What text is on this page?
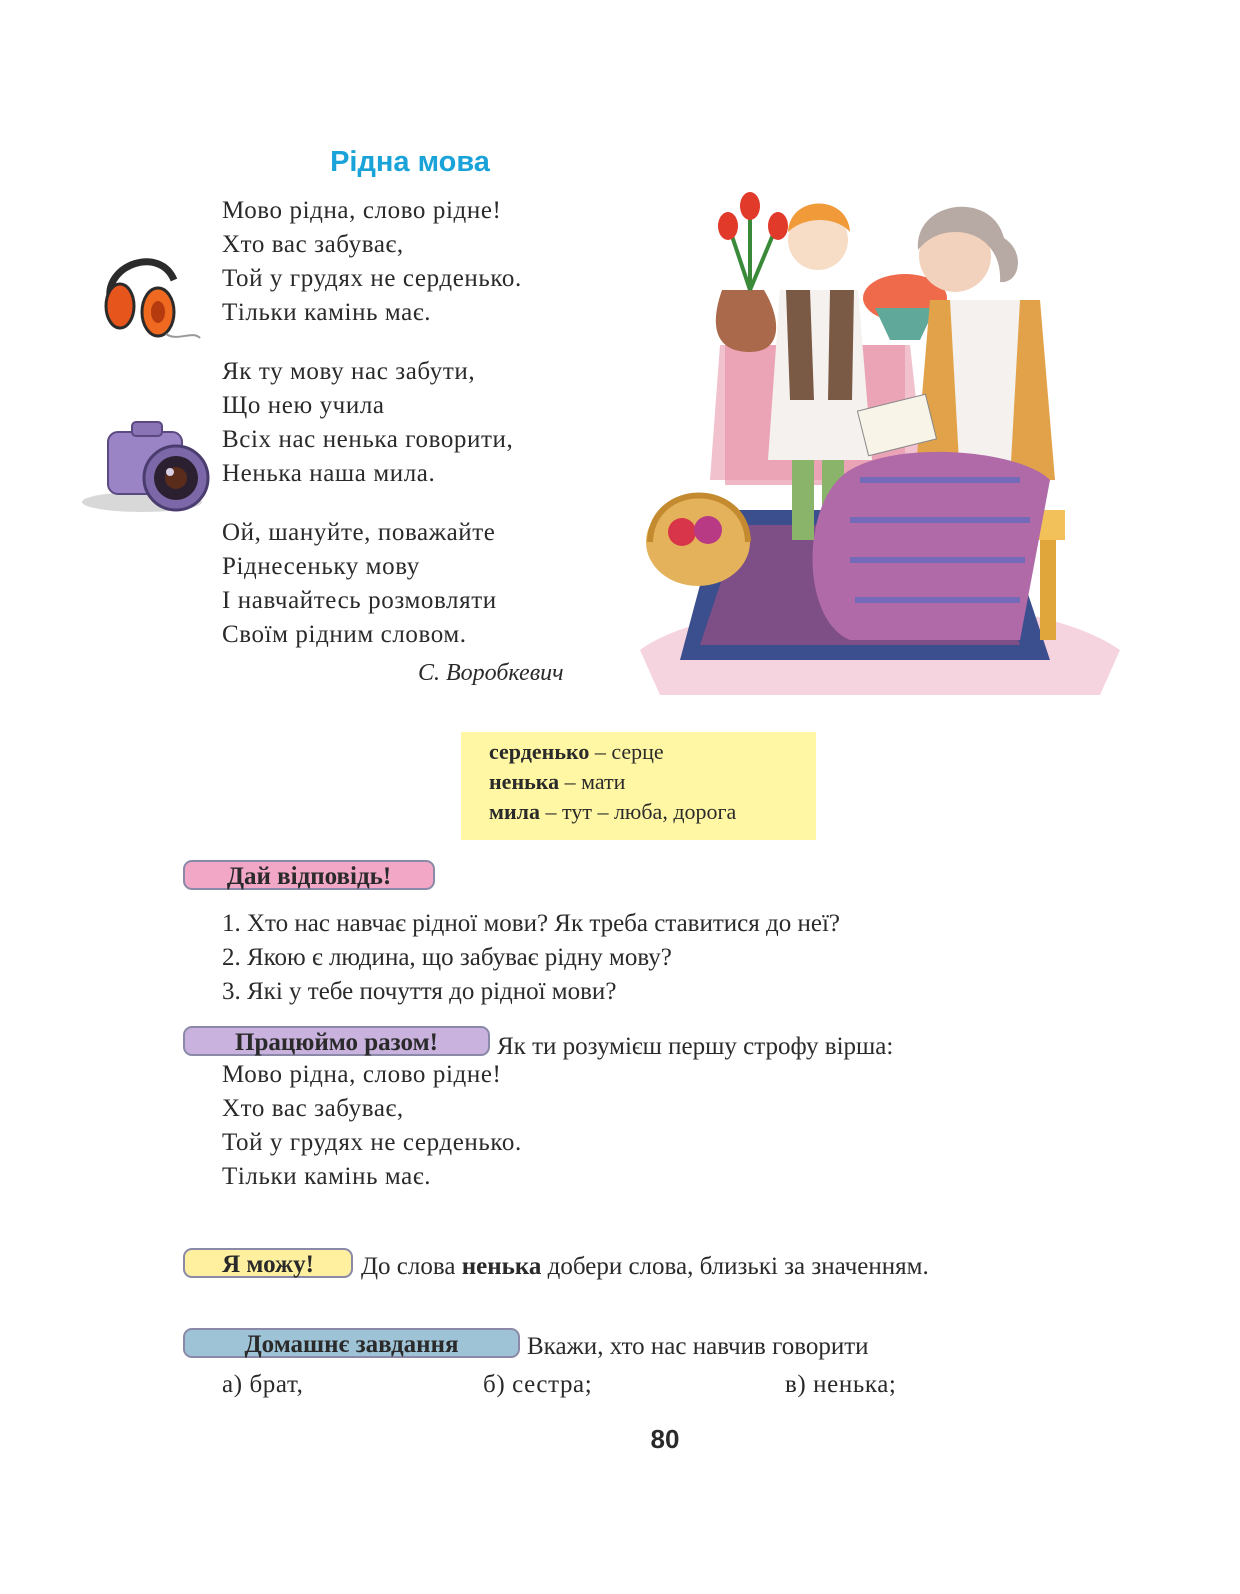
Рідна мова
Мово рідна, слово рідне!
Хто вас забуває,
Той у грудях не серденько.
Тільки камінь має.
Як ту мову нас забути,
Що нею учила
Всіх нас ненька говорити,
Ненька наша мила.
Ой, шануйте, поважайте
Ріднесеньку мову
І навчайтесь розмовляти
Своїм рідним словом.
С. Воробкевич
серденько – серце
ненька – мати
мила – тут – люба, дорога
Дай відповідь!
1. Хто нас навчає рідної мови? Як треба ставитися до неї?
2. Якою є людина, що забуває рідну мову?
3. Які у тебе почуття до рідної мови?
Працюймо разом!	Як ти розумієш першу строфу вірша:
Мово рідна, слово рідне!
Хто вас забуває,
Той у грудях не серденько.
Тільки камінь має.
Я можу!	До слова ненька добери слова, близькі за значенням.
Домашнє завдання	Вкажи, хто нас навчив говорити
а) брат,	б) сестра;	в) ненька;
80
